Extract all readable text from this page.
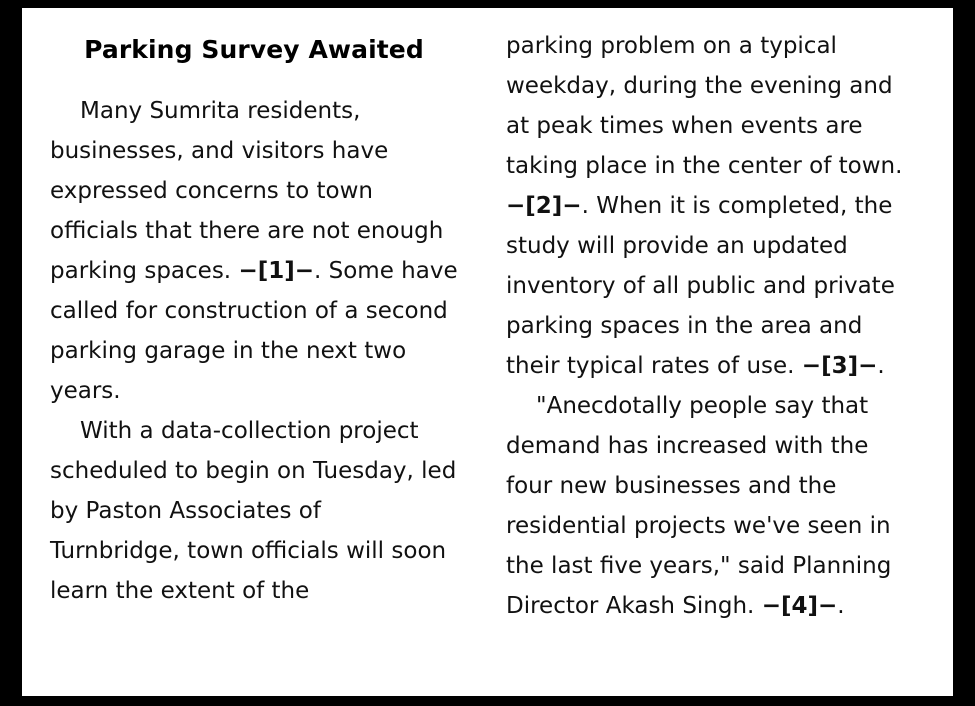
Parking Survey Awaited

Many Sumrita residents, businesses, and visitors have expressed concerns to town officials that there are not enough parking spaces. −[1]−. Some have called for construction of a second parking garage in the next two years.

With a data-collection project scheduled to begin on Tuesday, led by Paston Associates of Turnbridge, town officials will soon learn the extent of the

parking problem on a typical weekday, during the evening and at peak times when events are taking place in the center of town. −[2]−. When it is completed, the study will provide an updated inventory of all public and private parking spaces in the area and their typical rates of use. −[3]−.

"Anecdotally people say that demand has increased with the four new businesses and the residential projects we've seen in the last five years," said Planning Director Akash Singh. −[4]−.
